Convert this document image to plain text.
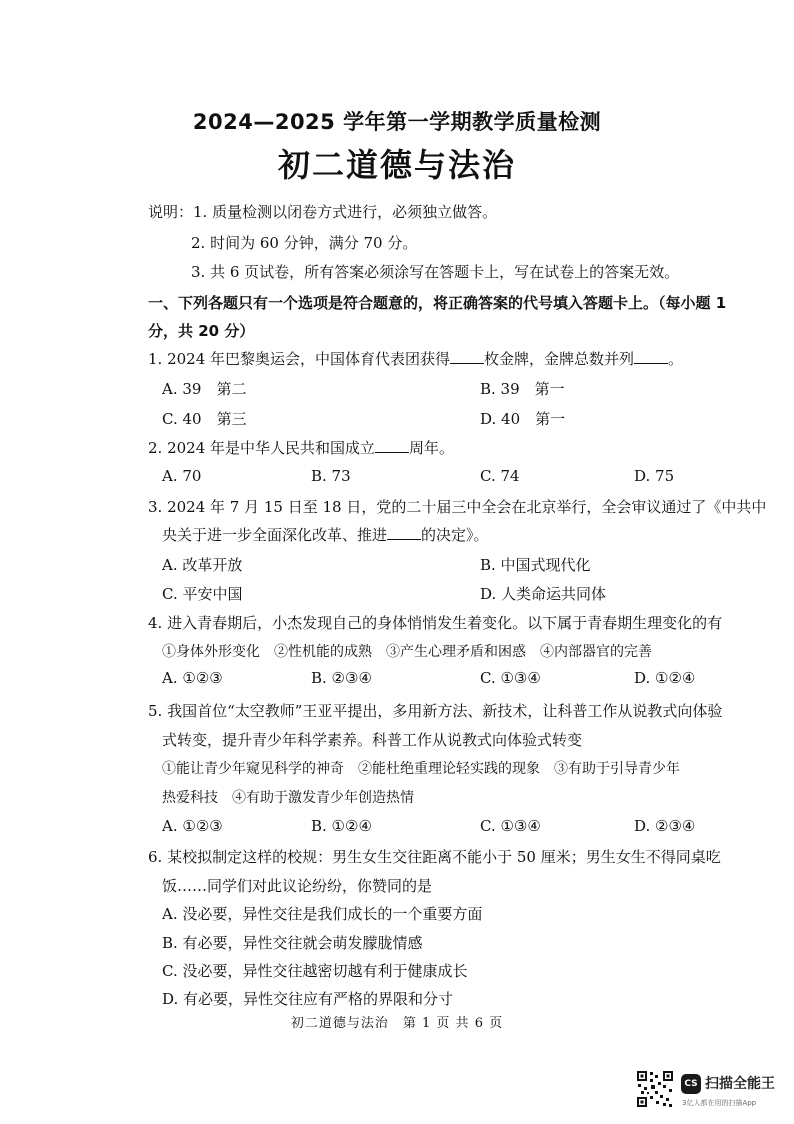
2024—2025 学年第一学期教学质量检测
初二道德与法治
说明：1. 质量检测以闭卷方式进行，必须独立做答。
2. 时间为 60 分钟，满分 70 分。
3. 共 6 页试卷，所有答案必须涂写在答题卡上，写在试卷上的答案无效。
一、下列各题只有一个选项是符合题意的，将正确答案的代号填入答题卡上。（每小题 1
分，共 20 分）
1. 2024 年巴黎奥运会，中国体育代表团获得 枚金牌，金牌总数并列 。
A. 39　第二	B. 39　第一
C. 40　第三	D. 40　第一
2. 2024 年是中华人民共和国成立 周年。
A. 70	B. 73	C. 74	D. 75
3. 2024 年 7 月 15 日至 18 日，党的二十届三中全会在北京举行，全会审议通过了《中共中
央关于进一步全面深化改革、推进 的决定》。
A. 改革开放	B. 中国式现代化
C. 平安中国	D. 人类命运共同体
4. 进入青春期后，小杰发现自己的身体悄悄发生着变化。以下属于青春期生理变化的有
①身体外形变化　②性机能的成熟　③产生心理矛盾和困惑　④内部器官的完善
A. ①②③	B. ②③④	C. ①③④	D. ①②④
5. 我国首位“太空教师”王亚平提出，多用新方法、新技术，让科普工作从说教式向体验
式转变，提升青少年科学素养。科普工作从说教式向体验式转变
①能让青少年窥见科学的神奇　②能杜绝重理论轻实践的现象　③有助于引导青少年
热爱科技　④有助于激发青少年创造热情
A. ①②③	B. ①②④	C. ①③④	D. ②③④
6. 某校拟制定这样的校规：男生女生交往距离不能小于 50 厘米；男生女生不得同桌吃
饭……同学们对此议论纷纷，你赞同的是
A. 没必要，异性交往是我们成长的一个重要方面
B. 有必要，异性交往就会萌发朦胧情感
C. 没必要，异性交往越密切越有利于健康成长
D. 有必要，异性交往应有严格的界限和分寸
初二道德与法治　第 1 页 共 6 页
CS 扫描全能王
3亿人都在用的扫描App
